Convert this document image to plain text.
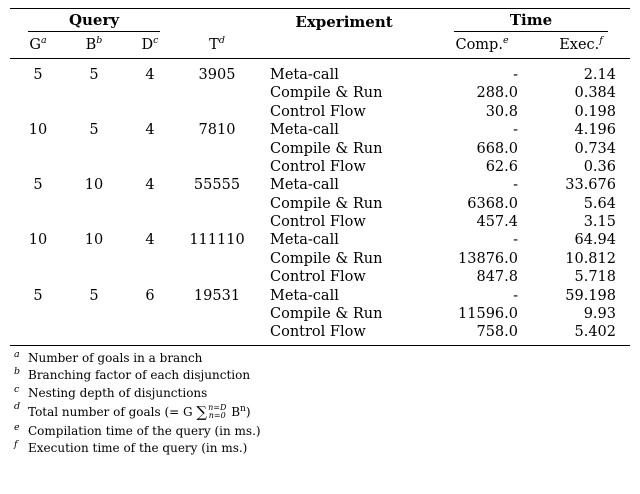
Query				Experiment	Time	

$G^a$	$B^b$	$D^c$	$T^d$		Comp.$^e$	Exec.$^f$

5	5	4	3905	Meta-call	-	2.14
				Compile & Run	288.0	0.384
				Control Flow	30.8	0.198
10	5	4	7810	Meta-call	-	4.196
				Compile & Run	668.0	0.734
				Control Flow	62.6	0.36
5	10	4	55555	Meta-call	-	33.676
				Compile & Run	6368.0	5.64
				Control Flow	457.4	3.15
10	10	4	111110	Meta-call	-	64.94
				Compile & Run	13876.0	10.812
				Control Flow	847.8	5.718
5	5	6	19531	Meta-call	-	59.198
				Compile & Run	11596.0	9.93
				Control Flow	758.0	5.402
a Number of goals in a branch
b Branching factor of each disjunction
c Nesting depth of disjunctions
d Total number of goals (= G ∑ n=D
n=0 $B^n$)
e Compilation time of the query (in ms.)
f Execution time of the query (in ms.)
